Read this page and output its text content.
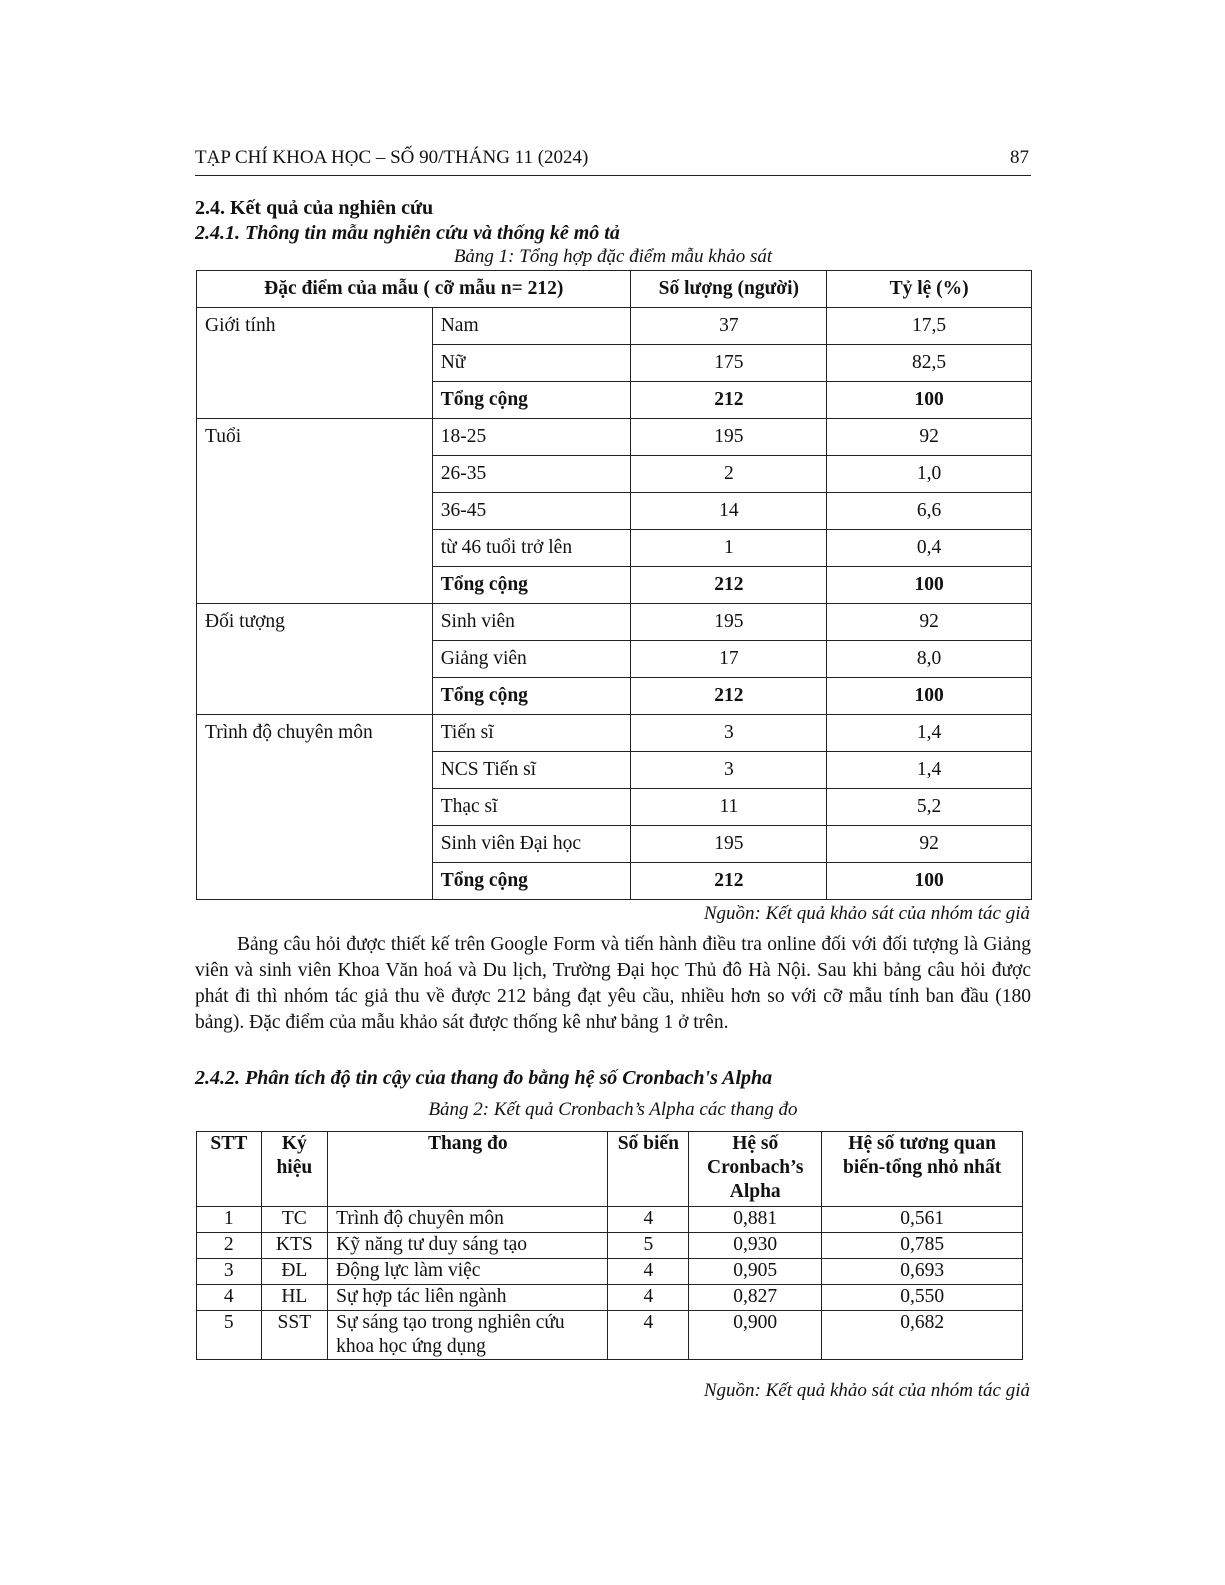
TẠP CHÍ KHOA HỌC – SỐ 90/THÁNG 11 (2024)	87
2.4. Kết quả của nghiên cứu
2.4.1. Thông tin mẫu nghiên cứu và thống kê mô tả
Bảng 1: Tổng hợp đặc điểm mẫu khảo sát
Đặc điểm của mẫu ( cỡ mẫu n= 212)		Số lượng (người)	Tỷ lệ (%)
Giới tính	Nam	37	17,5
	Nữ	175	82,5
	Tổng cộng	212	100
Tuổi	18-25	195	92
	26-35	2	1,0
	36-45	14	6,6
	từ 46 tuổi trở lên	1	0,4
	Tổng cộng	212	100
Đối tượng	Sinh viên	195	92
	Giảng viên	17	8,0
	Tổng cộng	212	100
Trình độ chuyên môn	Tiến sĩ	3	1,4
	NCS Tiến sĩ	3	1,4
	Thạc sĩ	11	5,2
	Sinh viên Đại học	195	92
	Tổng cộng	212	100
Nguồn: Kết quả khảo sát của nhóm tác giả

Bảng câu hỏi được thiết kế trên Google Form và tiến hành điều tra online đối với đối tượng là Giảng viên và sinh viên Khoa Văn hoá và Du lịch, Trường Đại học Thủ đô Hà Nội. Sau khi bảng câu hỏi được phát đi thì nhóm tác giả thu về được 212 bảng đạt yêu cầu, nhiều hơn so với cỡ mẫu tính ban đầu (180 bảng). Đặc điểm của mẫu khảo sát được thống kê như bảng 1 ở trên.

2.4.2. Phân tích độ tin cậy của thang đo bằng hệ số Cronbach's Alpha
Bảng 2: Kết quả Cronbach’s Alpha các thang đo
STT	Ký hiệu	Thang đo	Số biến	Hệ số Cronbach’s Alpha	Hệ số tương quan biến-tổng nhỏ nhất
1	TC	Trình độ chuyên môn	4	0,881	0,561
2	KTS	Kỹ năng tư duy sáng tạo	5	0,930	0,785
3	ĐL	Động lực làm việc	4	0,905	0,693
4	HL	Sự hợp tác liên ngành	4	0,827	0,550
5	SST	Sự sáng tạo trong nghiên cứu khoa học ứng dụng	4	0,900	0,682
Nguồn: Kết quả khảo sát của nhóm tác giả
